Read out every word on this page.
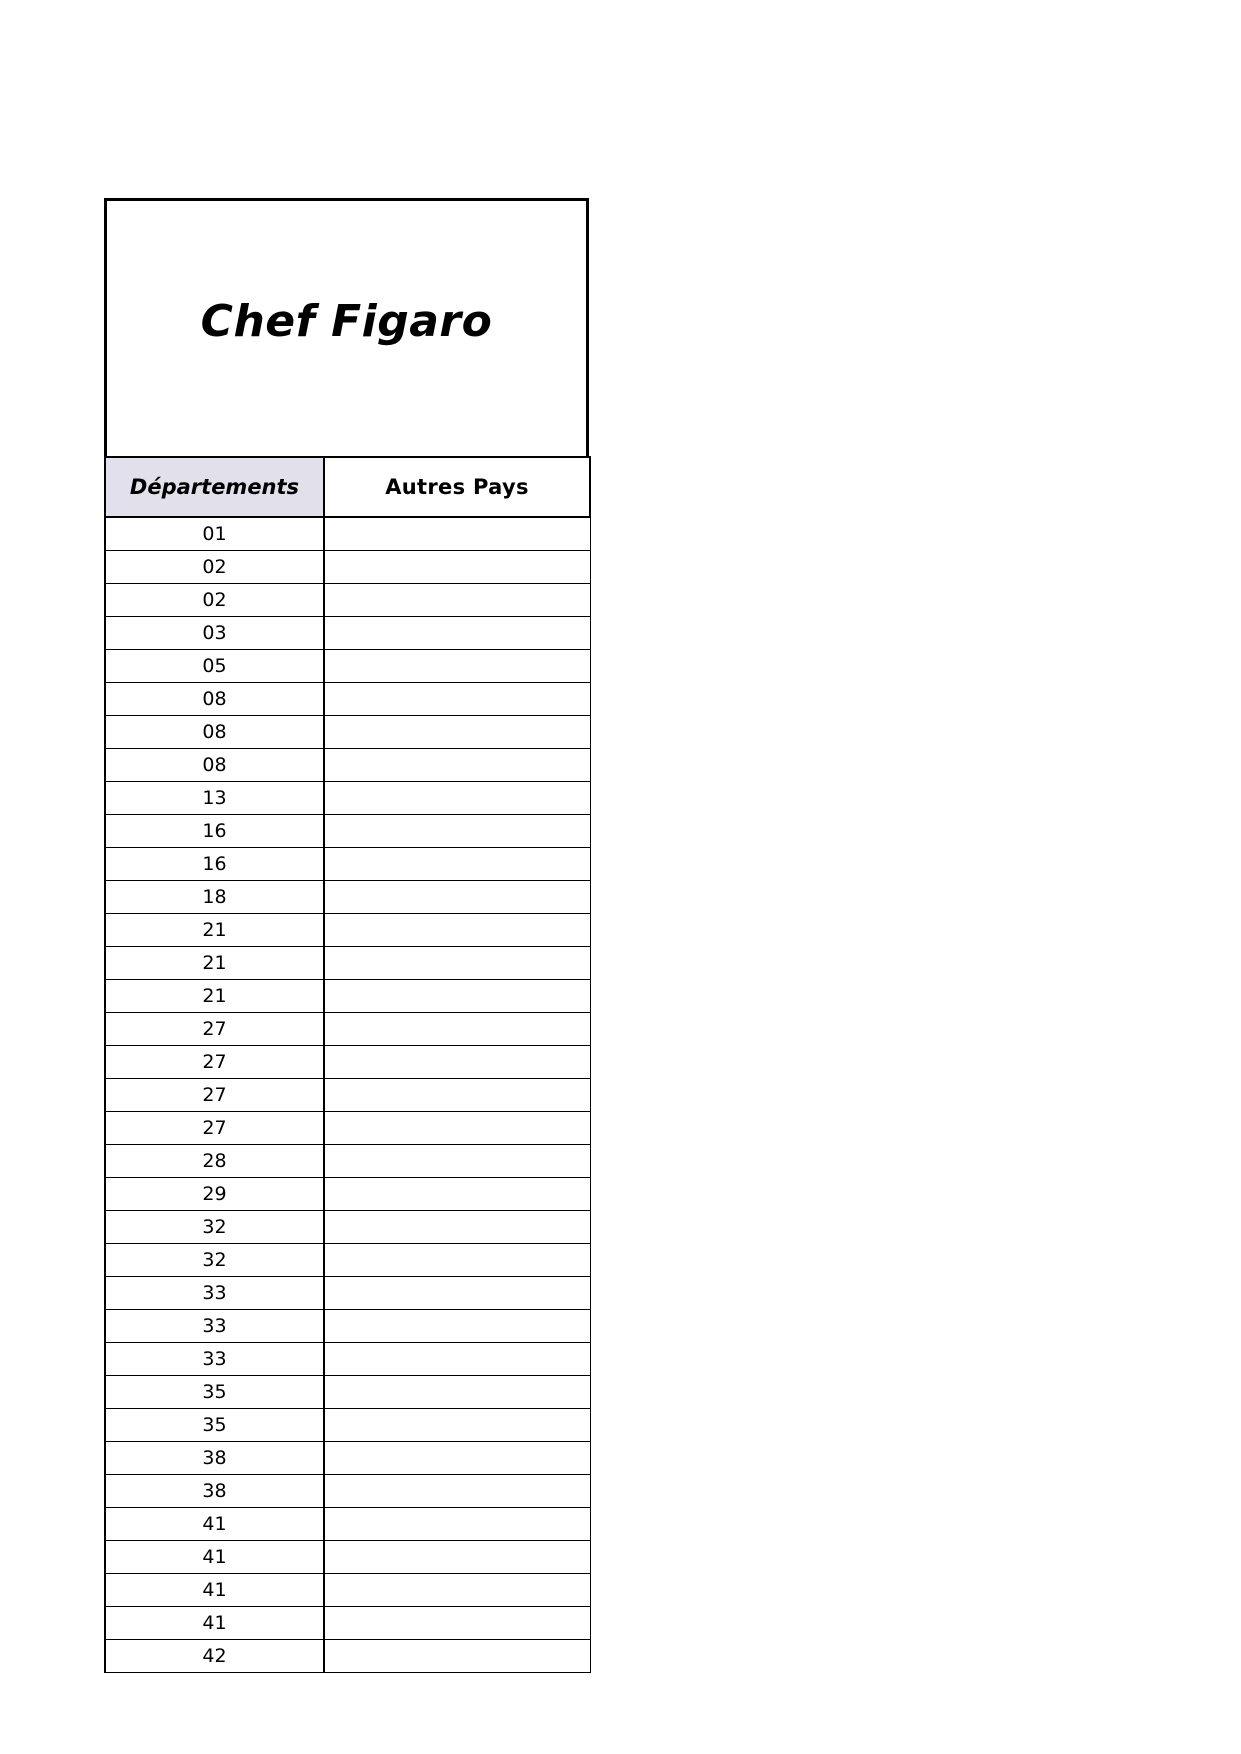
Chef Figaro
Départements	Autres Pays
01	
02	
02	
03	
05	
08	
08	
08	
13	
16	
16	
18	
21	
21	
21	
27	
27	
27	
27	
28	
29	
32	
32	
33	
33	
33	
35	
35	
38	
38	
41	
41	
41	
41	
42	
